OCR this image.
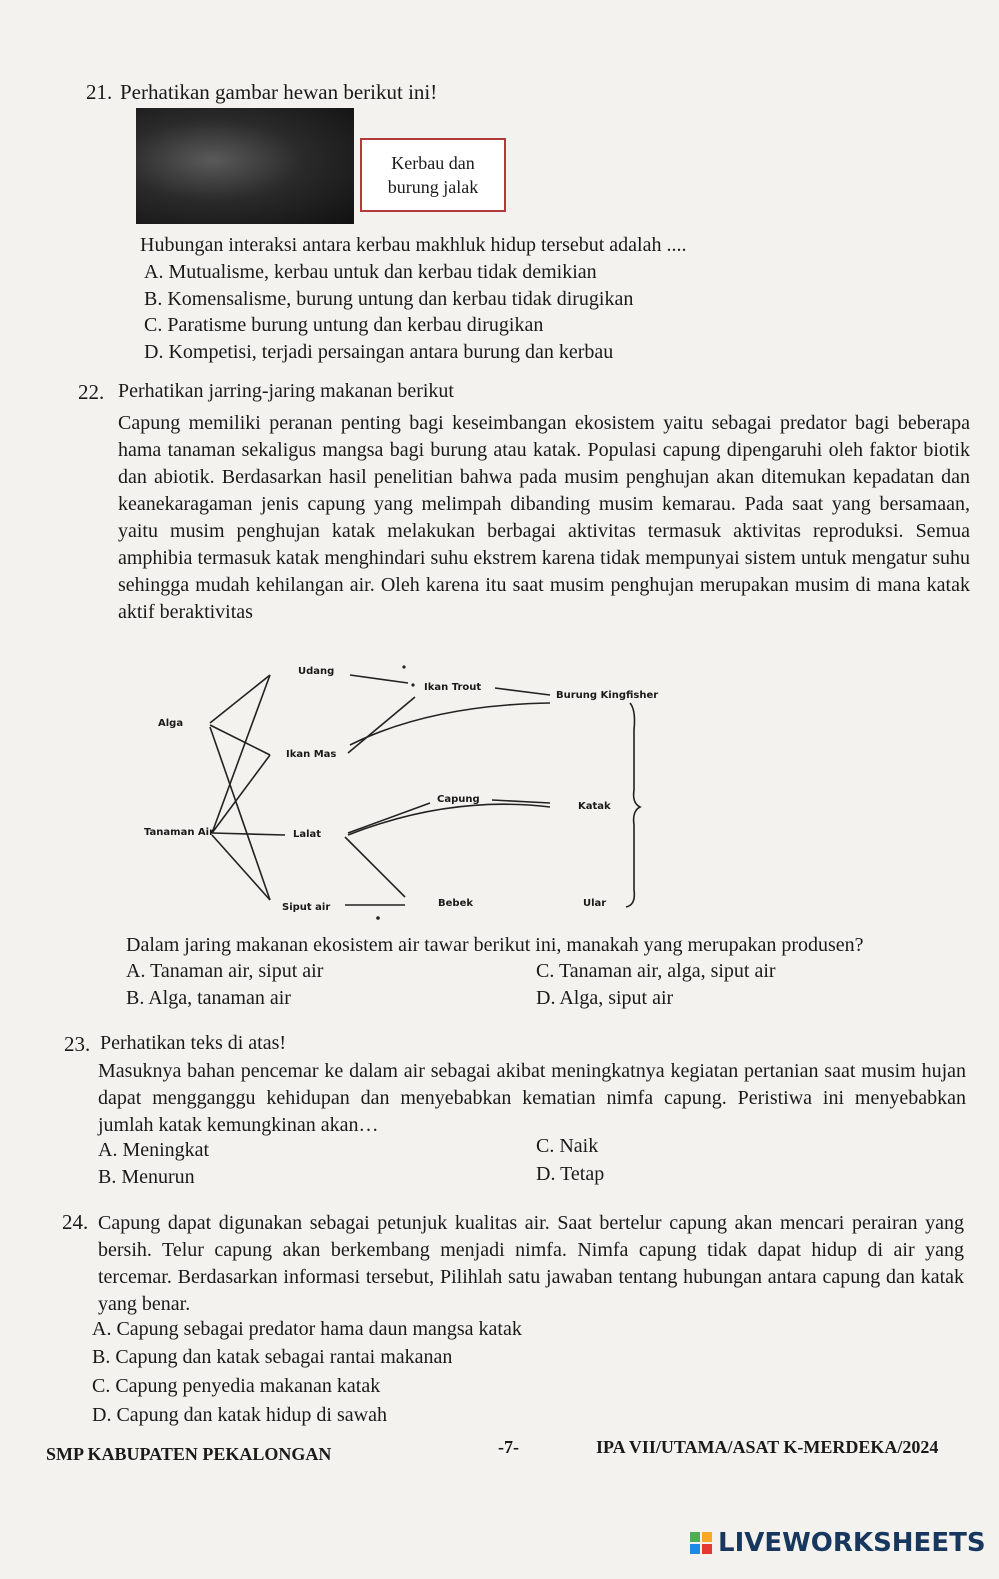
21. Perhatikan gambar hewan berikut ini!
Kerbau dan
burung jalak
Hubungan interaksi antara kerbau makhluk hidup tersebut adalah ....
A. Mutualisme, kerbau untuk dan kerbau tidak demikian
B. Komensalisme, burung untung dan kerbau tidak dirugikan
C. Paratisme burung untung dan kerbau dirugikan
D. Kompetisi, terjadi persaingan antara burung dan kerbau
22. Perhatikan jarring-jaring makanan berikut
Capung memiliki peranan penting bagi keseimbangan ekosistem yaitu sebagai predator bagi beberapa hama tanaman sekaligus mangsa bagi burung atau katak. Populasi capung dipengaruhi oleh faktor biotik dan abiotik. Berdasarkan hasil penelitian bahwa pada musim penghujan akan ditemukan kepadatan dan keanekaragaman jenis capung yang melimpah dibanding musim kemarau. Pada saat yang bersamaan, yaitu musim penghujan katak melakukan berbagai aktivitas termasuk aktivitas reproduksi. Semua amphibia termasuk katak menghindari suhu ekstrem karena tidak mempunyai sistem untuk mengatur suhu sehingga mudah kehilangan air. Oleh karena itu saat musim penghujan merupakan musim di mana katak aktif beraktivitas
Udang
Alga
Ikan Trout
Burung Kingfisher
Ikan Mas
Capung
Katak
Tanaman Air	Lalat
Siput air	Bebek	Ular
Dalam jaring makanan ekosistem air tawar berikut ini, manakah yang merupakan produsen?
A. Tanaman air, siput air
B. Alga, tanaman air
C. Tanaman air, alga, siput air
D. Alga, siput air
23. Perhatikan teks di atas!
Masuknya bahan pencemar ke dalam air sebagai akibat meningkatnya kegiatan pertanian saat musim hujan dapat mengganggu kehidupan dan menyebabkan kematian nimfa capung. Peristiwa ini menyebabkan jumlah katak kemungkinan akan…
A. Meningkat
B. Menurun
C. Naik
D. Tetap
24. Capung dapat digunakan sebagai petunjuk kualitas air. Saat bertelur capung akan mencari perairan yang bersih. Telur capung akan berkembang menjadi nimfa. Nimfa capung tidak dapat hidup di air yang tercemar. Berdasarkan informasi tersebut, Pilihlah satu jawaban tentang hubungan antara capung dan katak yang benar.
A. Capung sebagai predator hama daun mangsa katak
B. Capung dan katak sebagai rantai makanan
C. Capung penyedia makanan katak
D. Capung dan katak hidup di sawah
SMP KABUPATEN PEKALONGAN	-7-	IPA VII/UTAMA/ASAT K-MERDEKA/2024
LIVEWORKSHEETS
